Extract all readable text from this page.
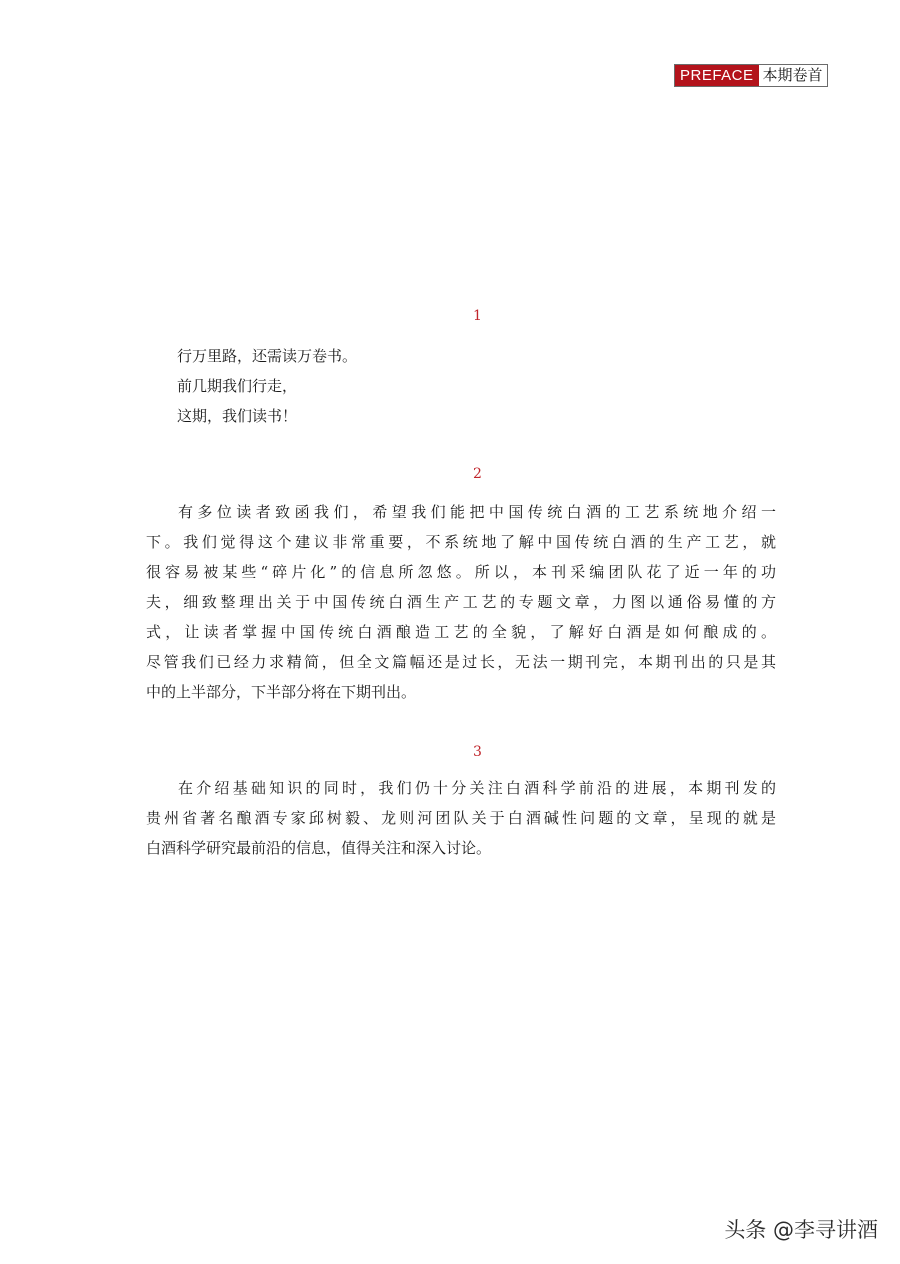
PREFACE 本期卷首
1
行万里路，还需读万卷书。
前几期我们行走，
这期，我们读书！
2
有多位读者致函我们，希望我们能把中国传统白酒的工艺系统地介绍一
下。我们觉得这个建议非常重要，不系统地了解中国传统白酒的生产工艺，就
很容易被某些“碎片化”的信息所忽悠。所以，本刊采编团队花了近一年的功
夫，细致整理出关于中国传统白酒生产工艺的专题文章，力图以通俗易懂的方
式，让读者掌握中国传统白酒酿造工艺的全貌，了解好白酒是如何酿成的。
尽管我们已经力求精简，但全文篇幅还是过长，无法一期刊完，本期刊出的只是其
中的上半部分，下半部分将在下期刊出。
3
在介绍基础知识的同时，我们仍十分关注白酒科学前沿的进展，本期刊发的
贵州省著名酿酒专家邱树毅、龙则河团队关于白酒碱性问题的文章，呈现的就是
白酒科学研究最前沿的信息，值得关注和深入讨论。
头条 @李寻讲酒
